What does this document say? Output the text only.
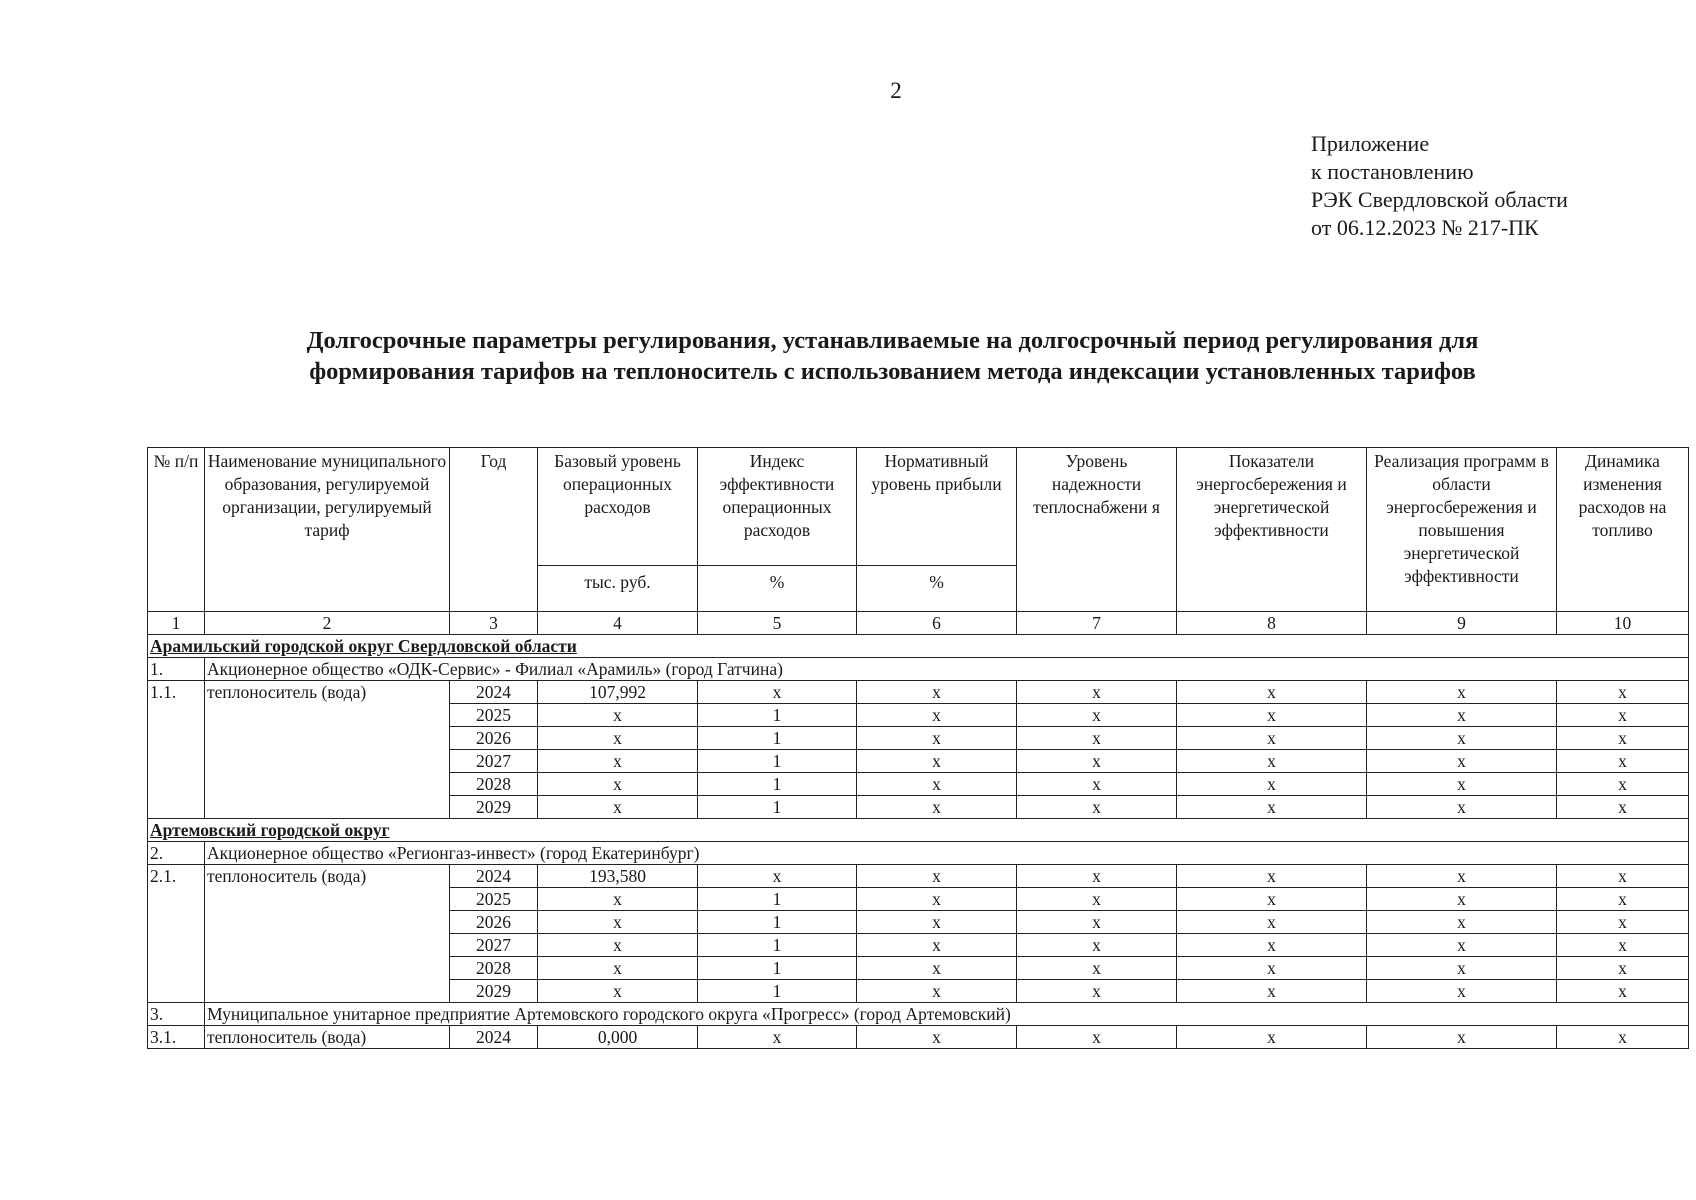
2
Приложение
к постановлению
РЭК Свердловской области
от 06.12.2023 № 217-ПК
Долгосрочные параметры регулирования, устанавливаемые на долгосрочный период регулирования для
формирования тарифов на теплоноситель с использованием метода индексации установленных тарифов
№ п/п	Наименование муниципального образования, регулируемой организации, регулируемый тариф	Год	Базовый уровень операционных расходов	Индекс эффективности операционных расходов	Нормативный уровень прибыли	Уровень надежности теплоснабжени я	Показатели энергосбережения и энергетической эффективности	Реализация программ в области энергосбережения и повышения энергетической эффективности	Динамика изменения расходов на топливо
			тыс. руб.	%	%				
1	2	3	4	5	6	7	8	9	10
Арамильский городской округ Свердловской области									
1.	Акционерное общество «ОДК-Сервис» - Филиал «Арамиль» (город Гатчина)								
1.1.	теплоноситель (вода)	2024	107,992	x	x	x	x	x	x
		2025	x	1	x	x	x	x	x
		2026	x	1	x	x	x	x	x
		2027	x	1	x	x	x	x	x
		2028	x	1	x	x	x	x	x
		2029	x	1	x	x	x	x	x
Артемовский городской округ									
2.	Акционерное общество «Регионгаз-инвест» (город Екатеринбург)								
2.1.	теплоноситель (вода)	2024	193,580	x	x	x	x	x	x
		2025	x	1	x	x	x	x	x
		2026	x	1	x	x	x	x	x
		2027	x	1	x	x	x	x	x
		2028	x	1	x	x	x	x	x
		2029	x	1	x	x	x	x	x
3.	Муниципальное унитарное предприятие Артемовского городского округа «Прогресс» (город Артемовский)								
3.1.	теплоноситель (вода)	2024	0,000	x	x	x	x	x	x
